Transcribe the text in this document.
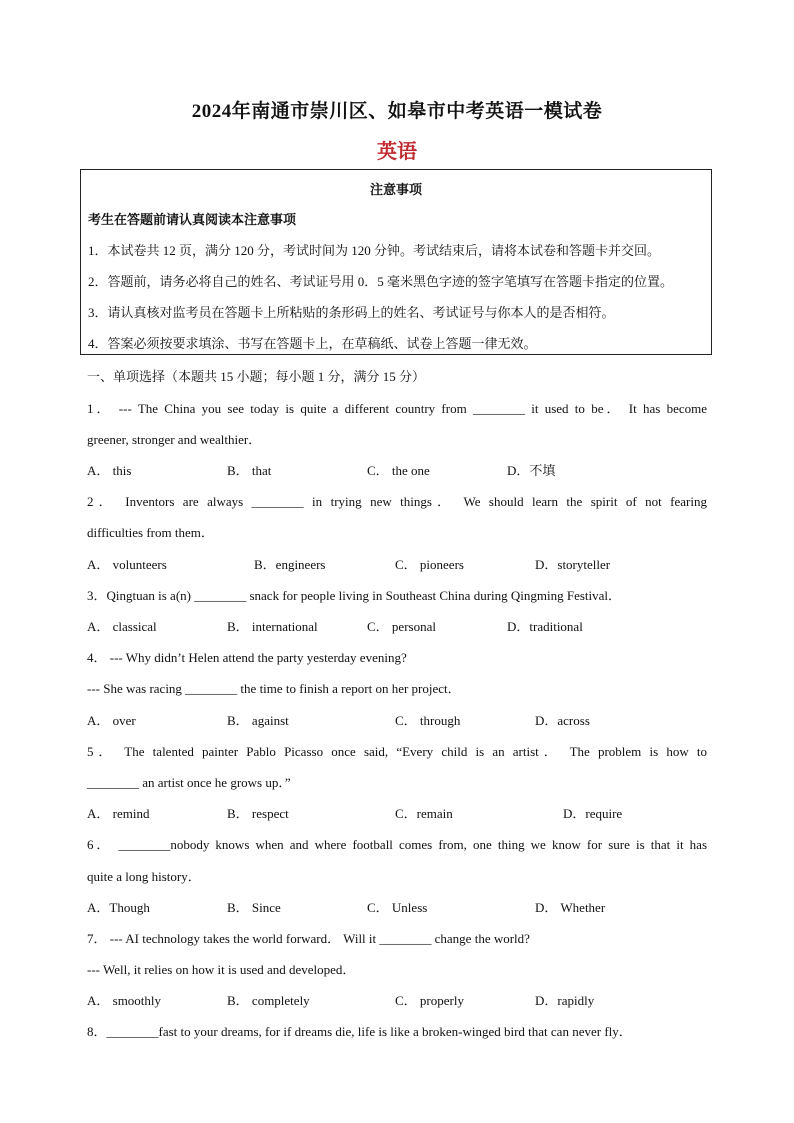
2024年南通市崇川区、如皋市中考英语一模试卷
英语
注意事项
考生在答题前请认真阅读本注意事项
1．本试卷共 12 页，满分 120 分，考试时间为 120 分钟。考试结束后，请将本试卷和答题卡并交回。
2．答题前，请务必将自己的姓名、考试证号用 0．5 毫米黑色字迹的签字笔填写在答题卡指定的位置。
3．请认真核对监考员在答题卡上所粘贴的条形码上的姓名、考试证号与你本人的是否相符。
4．答案必须按要求填涂、书写在答题卡上，在草稿纸、试卷上答题一律无效。
一、单项选择（本题共 15 小题；每小题 1 分，满分 15 分）
1． --- The China you see today is quite a different country from ________ it used to be． It has become
greener, stronger and wealthier．
A． this	B． that	C． the one	D．不填
2． Inventors are always ________ in trying new things． We should learn the spirit of not fearing
difficulties from them．
A． volunteers	B．engineers	C． pioneers	D．storyteller
3．Qingtuan is a(n) ________ snack for people living in Southeast China during Qingming Festival．
A． classical	B． international	C． personal	D．traditional
4． --- Why didn’t Helen attend the party yesterday evening?
--- She was racing ________ the time to finish a report on her project．
A． over	B． against	C． through	D．across
5． The talented painter Pablo Picasso once said, “Every child is an artist． The problem is how to
________ an artist once he grows up．”
A． remind	B． respect	C．remain	D．require
6． ________nobody knows when and where football comes from, one thing we know for sure is that it has
quite a long history．
A．Though	B． Since	C． Unless	D． Whether
7． --- AI technology takes the world forward． Will it ________ change the world?
--- Well, it relies on how it is used and developed．
A． smoothly	B． completely	C． properly	D．rapidly
8．________fast to your dreams, for if dreams die, life is like a broken-winged bird that can never fly．
